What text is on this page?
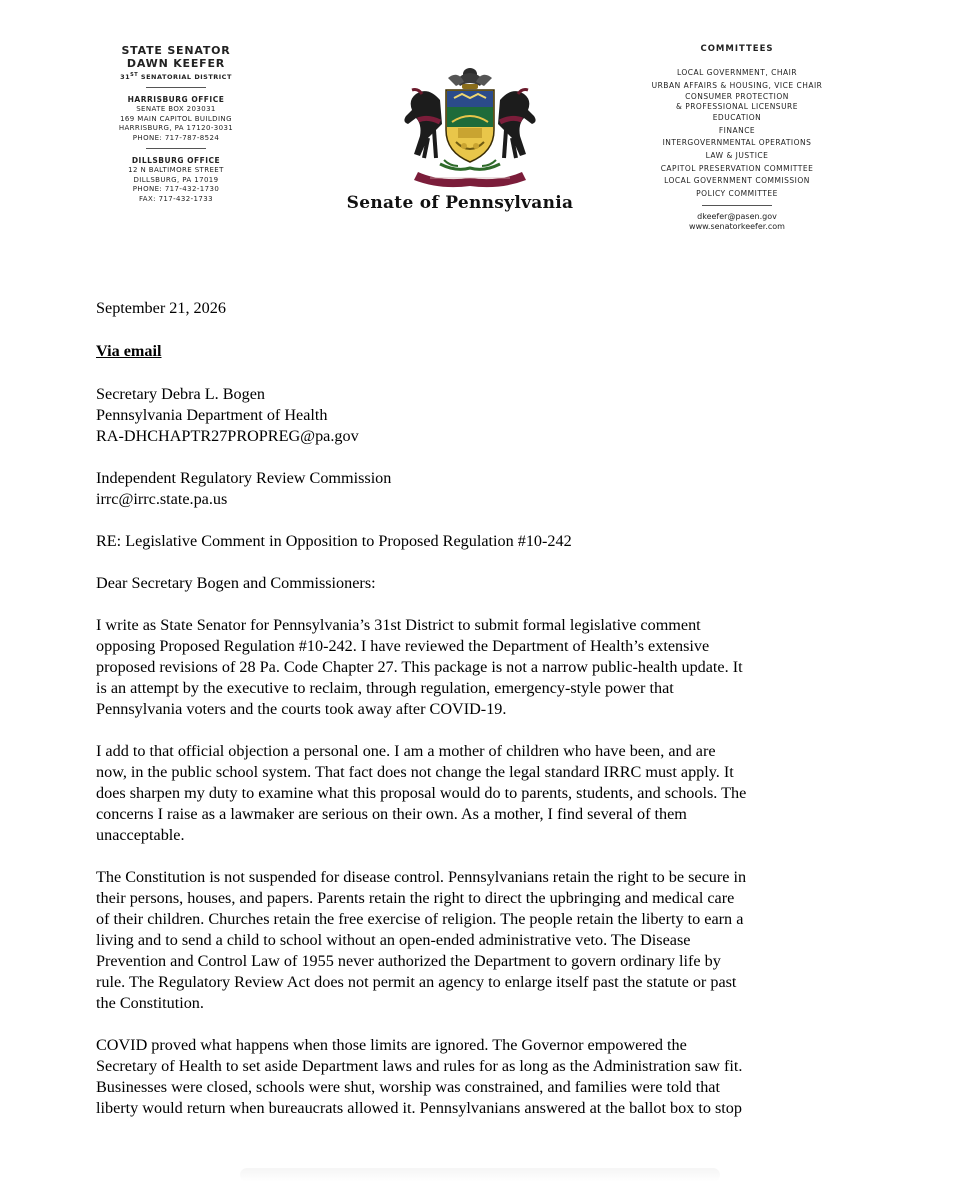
STATE SENATOR
DAWN KEEFER
31ST SENATORIAL DISTRICT
HARRISBURG OFFICE
SENATE BOX 203031
169 MAIN CAPITOL BUILDING
HARRISBURG, PA 17120-3031
PHONE: 717-787-8524
DILLSBURG OFFICE
12 N BALTIMORE STREET
DILLSBURG, PA 17019
PHONE: 717-432-1730
FAX: 717-432-1733	Senate of Pennsylvania
COMMITTEES
LOCAL GOVERNMENT, CHAIR
URBAN AFFAIRS & HOUSING, VICE CHAIR
CONSUMER PROTECTION
& PROFESSIONAL LICENSURE
EDUCATION
FINANCE
INTERGOVERNMENTAL OPERATIONS
LAW & JUSTICE
CAPITOL PRESERVATION COMMITTEE
LOCAL GOVERNMENT COMMISSION
POLICY COMMITTEE
dkeefer@pasen.gov
www.senatorkeefer.com

September 21, 2026

Via email

Secretary Debra L. Bogen
Pennsylvania Department of Health
RA-DHCHAPTR27PROPREG@pa.gov

Independent Regulatory Review Commission
irrc@irrc.state.pa.us

RE: Legislative Comment in Opposition to Proposed Regulation #10-242

Dear Secretary Bogen and Commissioners:

I write as State Senator for Pennsylvania’s 31st District to submit formal legislative comment
opposing Proposed Regulation #10-242. I have reviewed the Department of Health’s extensive
proposed revisions of 28 Pa. Code Chapter 27. This package is not a narrow public-health update. It
is an attempt by the executive to reclaim, through regulation, emergency-style power that
Pennsylvania voters and the courts took away after COVID-19.

I add to that official objection a personal one. I am a mother of children who have been, and are
now, in the public school system. That fact does not change the legal standard IRRC must apply. It
does sharpen my duty to examine what this proposal would do to parents, students, and schools. The
concerns I raise as a lawmaker are serious on their own. As a mother, I find several of them
unacceptable.

The Constitution is not suspended for disease control. Pennsylvanians retain the right to be secure in
their persons, houses, and papers. Parents retain the right to direct the upbringing and medical care
of their children. Churches retain the free exercise of religion. The people retain the liberty to earn a
living and to send a child to school without an open-ended administrative veto. The Disease
Prevention and Control Law of 1955 never authorized the Department to govern ordinary life by
rule. The Regulatory Review Act does not permit an agency to enlarge itself past the statute or past
the Constitution.

COVID proved what happens when those limits are ignored. The Governor empowered the
Secretary of Health to set aside Department laws and rules for as long as the Administration saw fit.
Businesses were closed, schools were shut, worship was constrained, and families were told that
liberty would return when bureaucrats allowed it. Pennsylvanians answered at the ballot box to stop
